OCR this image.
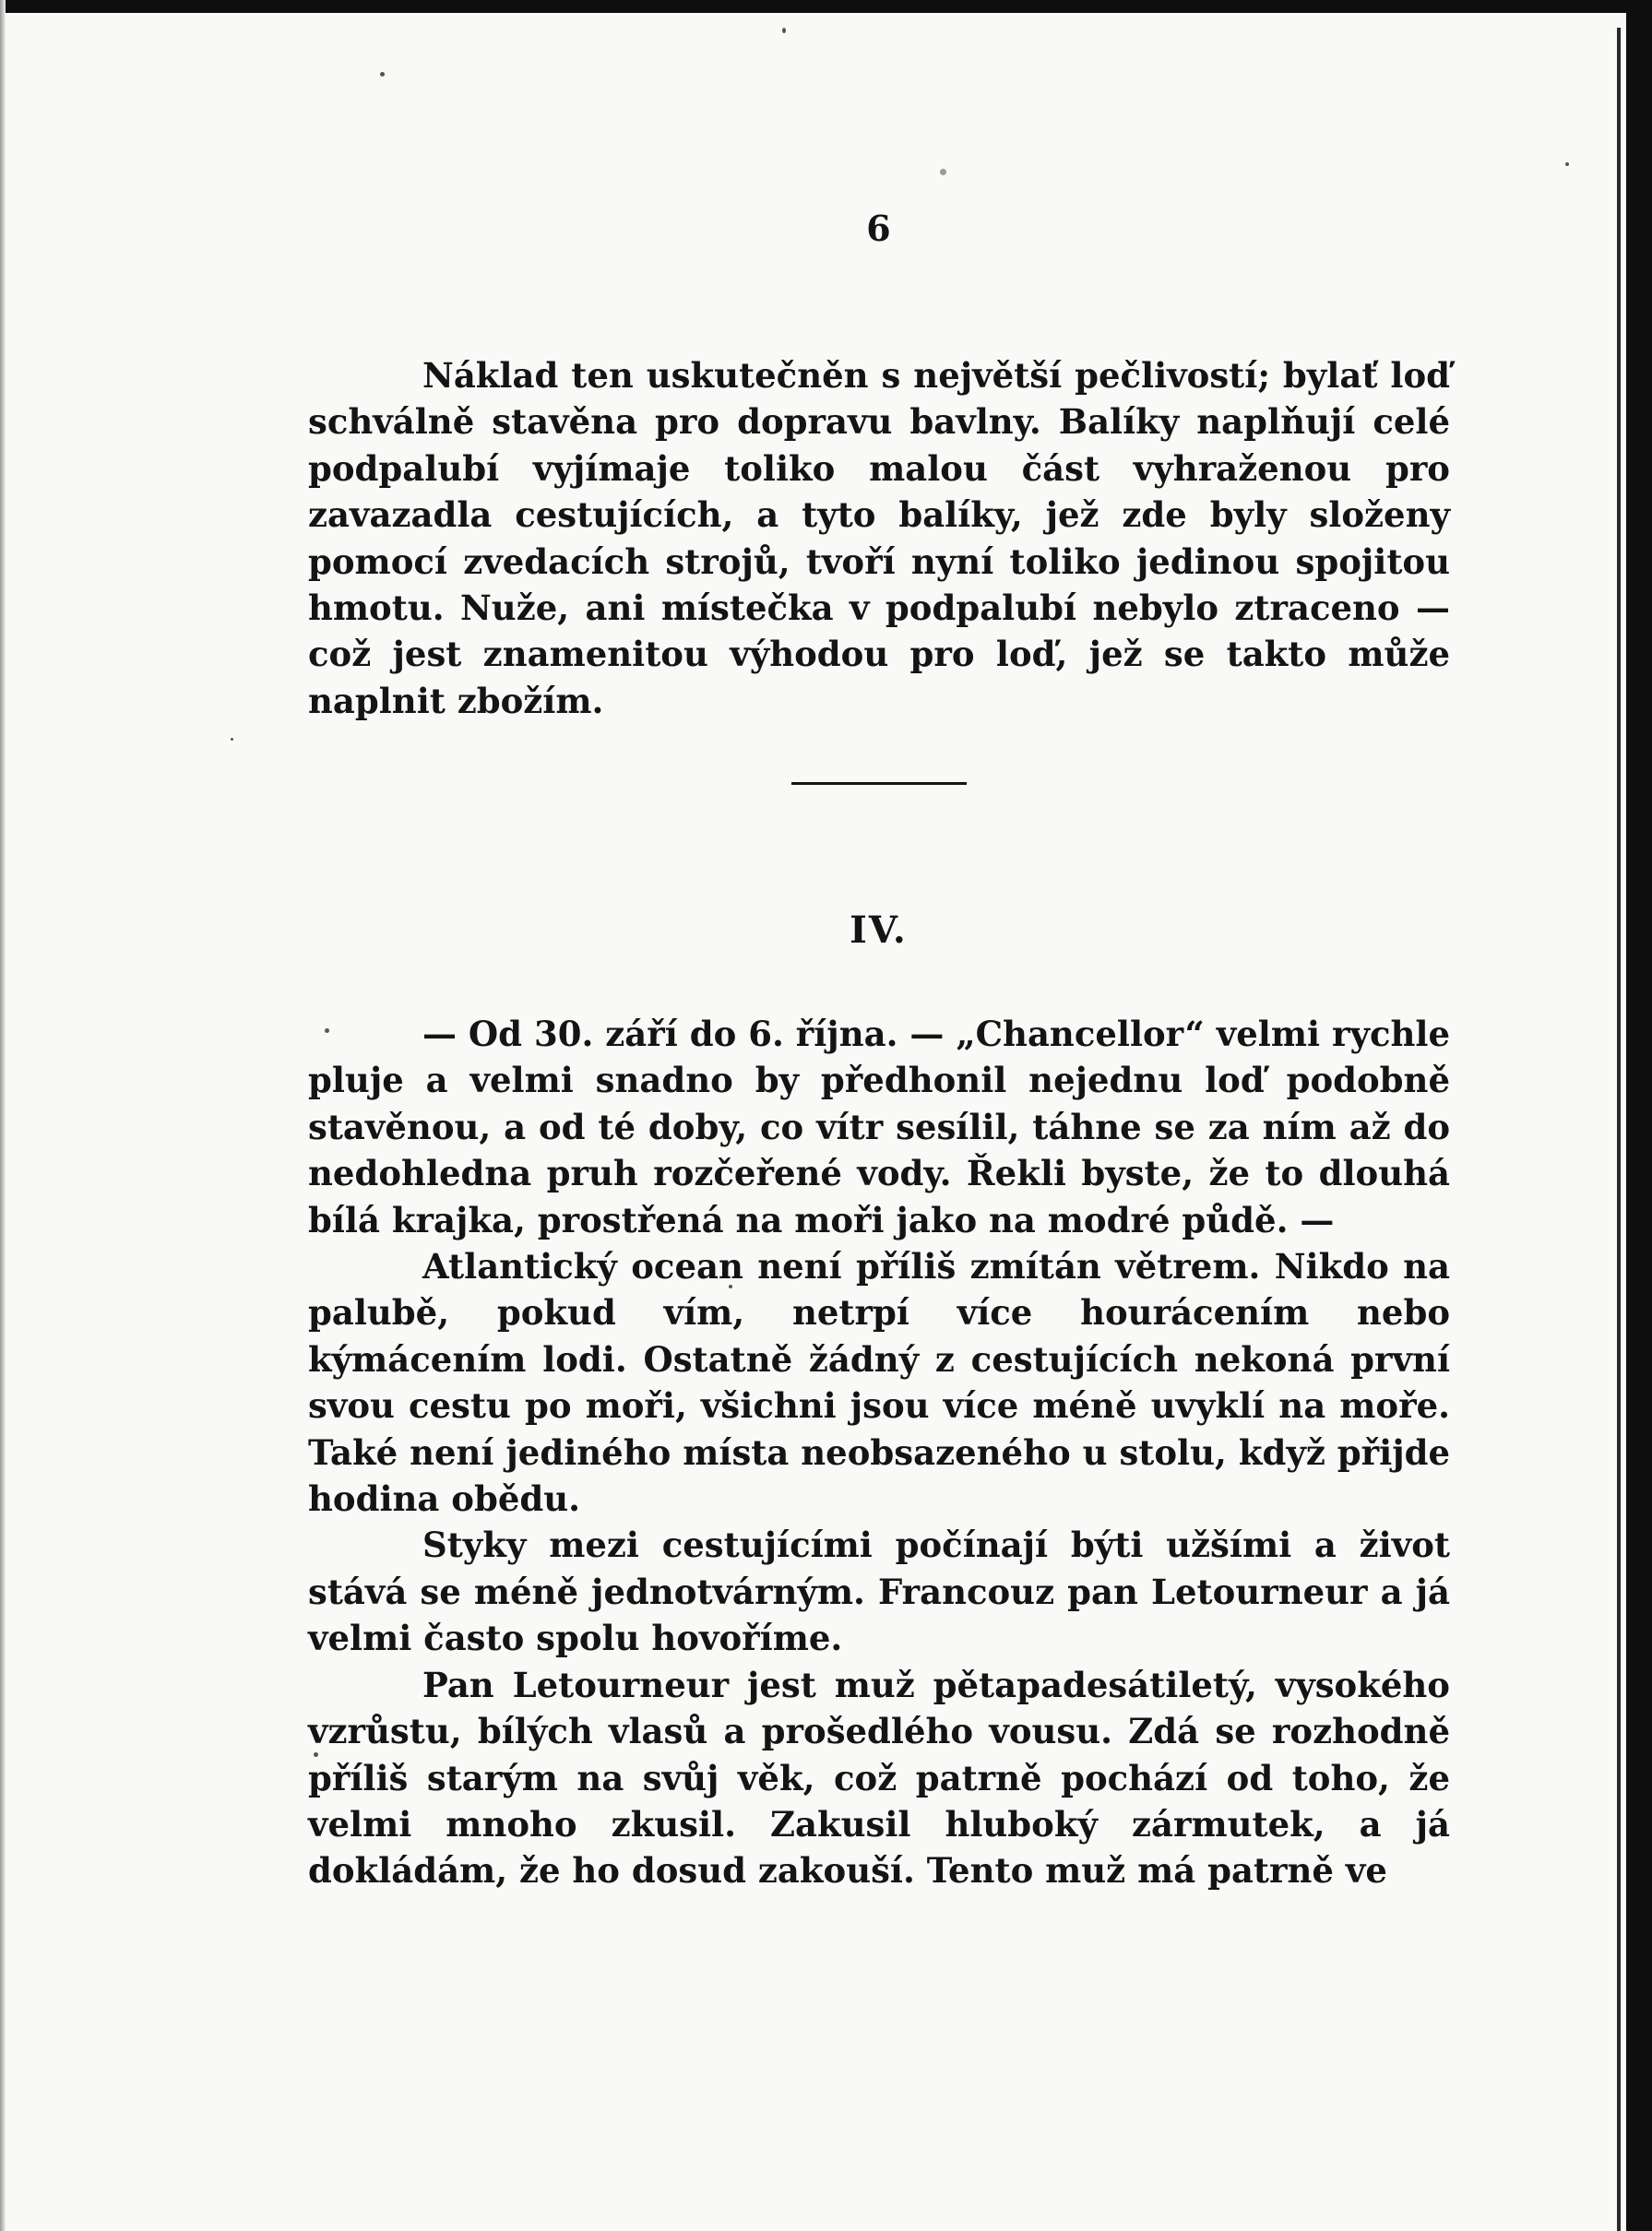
6

Náklad ten uskutečněn s největší pečlivostí; bylať loď schválně stavěna pro dopravu bavlny. Balíky naplňují celé podpalubí vyjímaje toliko malou část vyhraženou pro zavazadla cestujících, a tyto balíky, jež zde byly složeny pomocí zvedacích strojů, tvoří nyní toliko jedinou spojitou hmotu. Nuže, ani místečka v podpalubí nebylo ztraceno — což jest znamenitou výhodou pro loď, jež se takto může naplnit zbožím.

IV.

— Od 30. září do 6. října. — „Chancellor“ velmi rychle pluje a velmi snadno by předhonil nejednu loď podobně stavěnou, a od té doby, co vítr sesílil, táhne se za ním až do nedohledna pruh rozčeřené vody. Řekli byste, že to dlouhá bílá krajka, prostřená na moři jako na modré půdě. —

Atlantický ocean není příliš zmítán větrem. Nikdo na palubě, pokud vím, netrpí více hourácením nebo kýmácením lodi. Ostatně žádný z cestujících nekoná první svou cestu po moři, všichni jsou více méně uvyklí na moře. Také není jediného místa neobsazeného u stolu, když přijde hodina obědu.

Styky mezi cestujícími počínají býti užšími a život stává se méně jednotvárným. Francouz pan Letourneur a já velmi často spolu hovoříme.

Pan Letourneur jest muž pětapadesátiletý, vysokého vzrůstu, bílých vlasů a prošedlého vousu. Zdá se rozhodně příliš starým na svůj věk, což patrně pochází od toho, že velmi mnoho zkusil. Zakusil hluboký zármutek, a já dokládám, že ho dosud zakouší. Tento muž má patrně ve
